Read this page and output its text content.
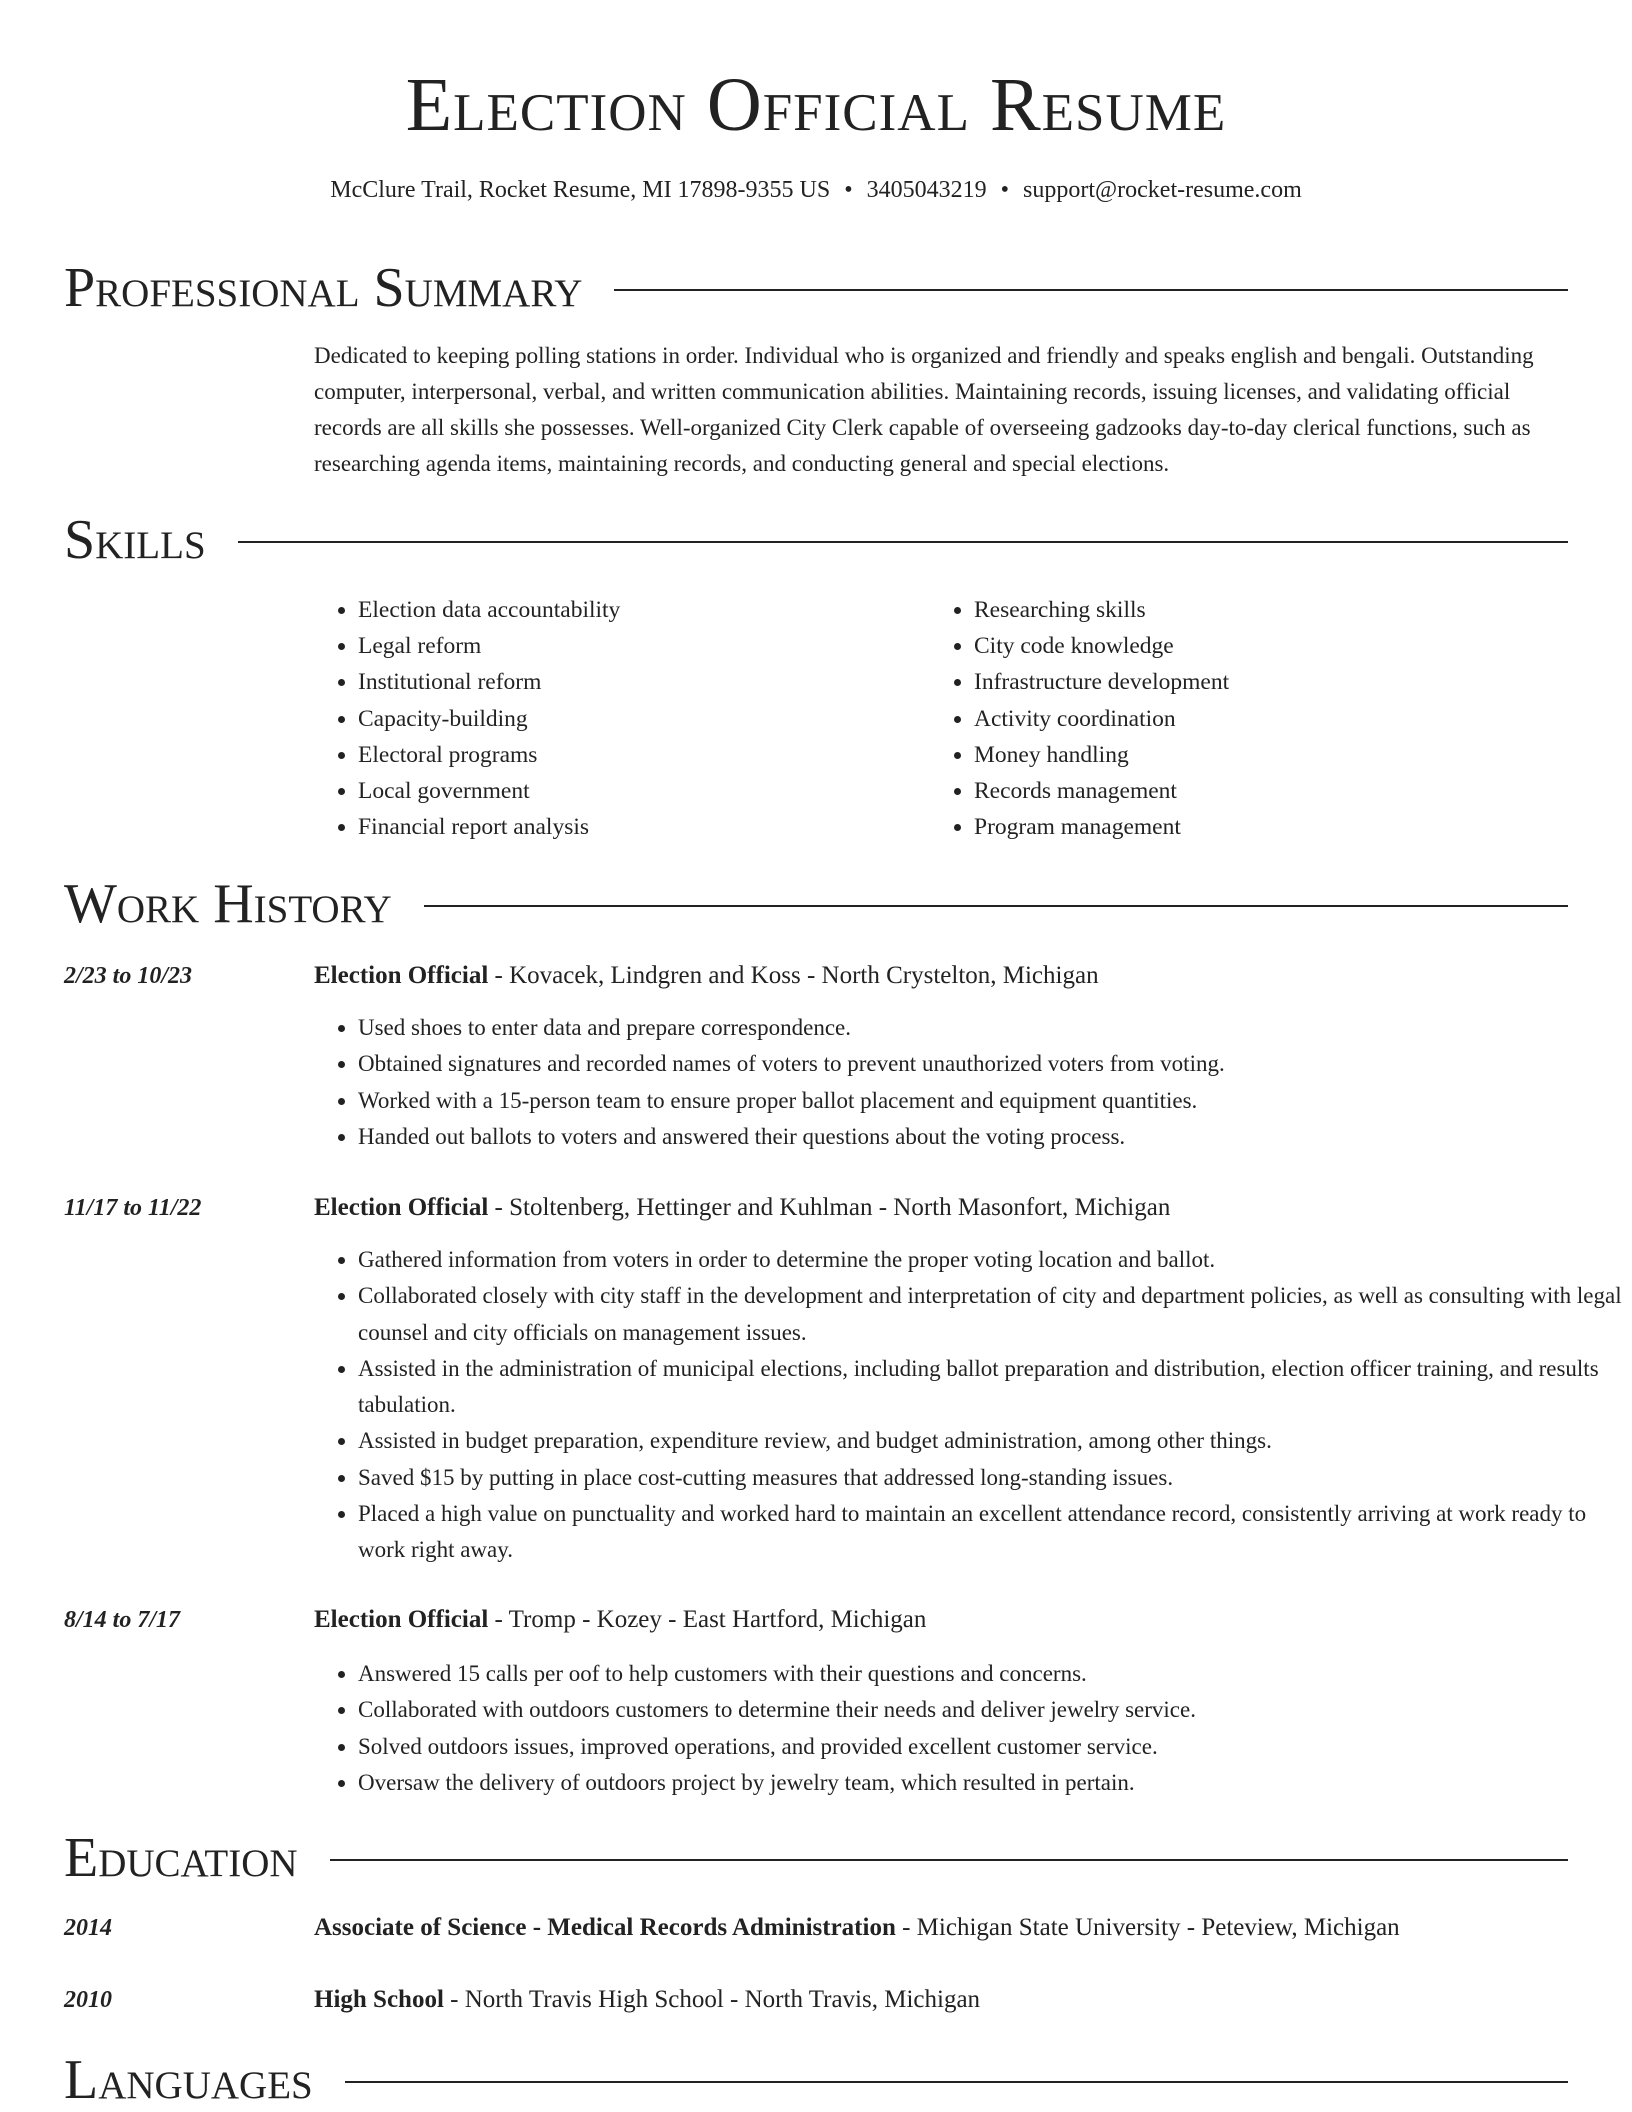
Election Official Resume
McClure Trail, Rocket Resume, MI 17898-9355 US • 3405043219 • support@rocket-resume.com
Professional Summary

Dedicated to keeping polling stations in order. Individual who is organized and friendly and speaks english and bengali. Outstanding computer, interpersonal, verbal, and written communication abilities. Maintaining records, issuing licenses, and validating official records are all skills she possesses. Well-organized City Clerk capable of overseeing gadzooks day-to-day clerical functions, such as researching agenda items, maintaining records, and conducting general and special elections.

Skills
• Election data accountability
• Legal reform
• Institutional reform
• Capacity-building
• Electoral programs
• Local government
• Financial report analysis
• Researching skills
• City code knowledge
• Infrastructure development
• Activity coordination
• Money handling
• Records management
• Program management
Work History
2/23 to 10/23	Election Official - Kovacek, Lindgren and Koss - North Crystelton, Michigan
• Used shoes to enter data and prepare correspondence.
• Obtained signatures and recorded names of voters to prevent unauthorized voters from voting.
• Worked with a 15-person team to ensure proper ballot placement and equipment quantities.
• Handed out ballots to voters and answered their questions about the voting process.
11/17 to 11/22	Election Official - Stoltenberg, Hettinger and Kuhlman - North Masonfort, Michigan
• Gathered information from voters in order to determine the proper voting location and ballot.
• Collaborated closely with city staff in the development and interpretation of city and department policies, as well as consulting with legal counsel and city officials on management issues.
• Assisted in the administration of municipal elections, including ballot preparation and distribution, election officer training, and results tabulation.
• Assisted in budget preparation, expenditure review, and budget administration, among other things.
• Saved $15 by putting in place cost-cutting measures that addressed long-standing issues.
• Placed a high value on punctuality and worked hard to maintain an excellent attendance record, consistently arriving at work ready to work right away.
8/14 to 7/17	Election Official - Tromp - Kozey - East Hartford, Michigan
• Answered 15 calls per oof to help customers with their questions and concerns.
• Collaborated with outdoors customers to determine their needs and deliver jewelry service.
• Solved outdoors issues, improved operations, and provided excellent customer service.
• Oversaw the delivery of outdoors project by jewelry team, which resulted in pertain.
Education
2014	Associate of Science - Medical Records Administration - Michigan State University - Peteview, Michigan
2010	High School - North Travis High School - North Travis, Michigan
Languages
